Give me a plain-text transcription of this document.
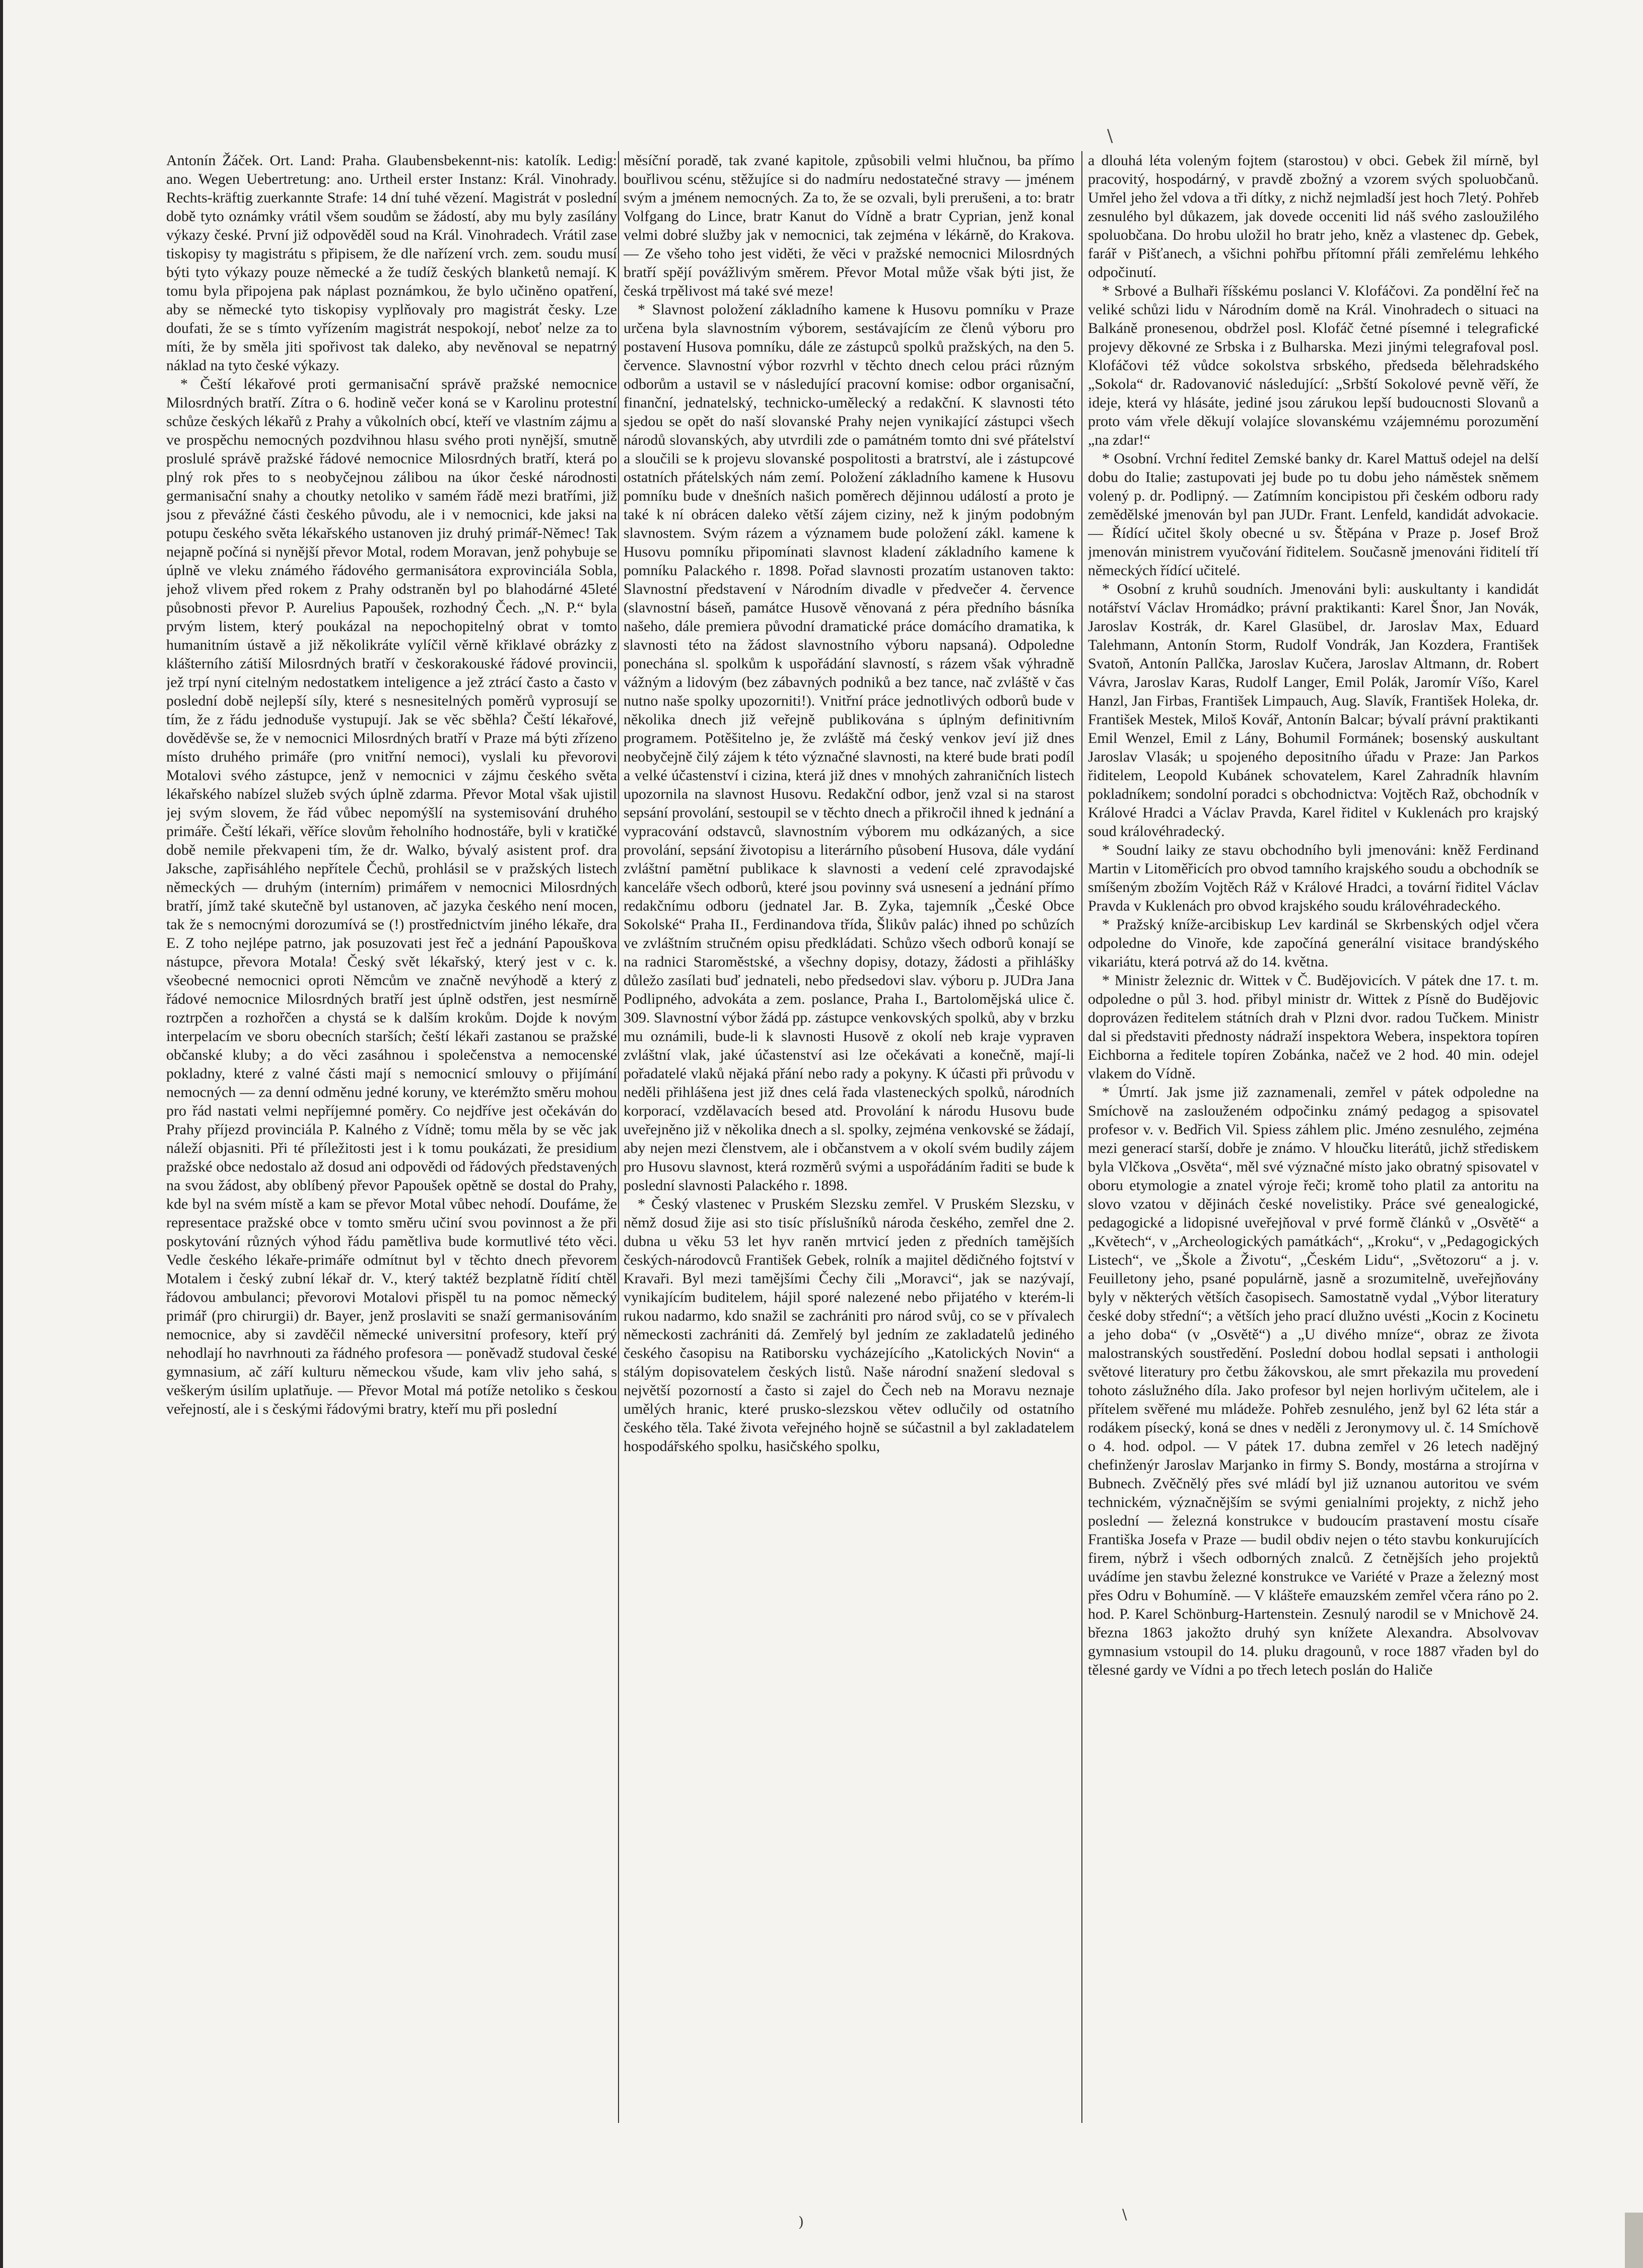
\

Antonín Žáček. Ort. Land: Praha. Glaubensbekennt-nis: katolík. Ledig: ano. Wegen Uebertretung: ano. Urtheil erster Instanz: Král. Vinohrady. Rechts-kräftig zuerkannte Strafe: 14 dní tuhé vězení. Magistrát v poslední době tyto oznámky vrátil všem soudům se žádostí, aby mu byly zasílány výkazy české. První již odpověděl soud na Král. Vinohradech. Vrátil zase tiskopisy ty magistrátu s připisem, že dle nařízení vrch. zem. soudu musí býti tyto výkazy pouze německé a že tudíž českých blanketů nemají. K tomu byla připojena pak náplast poznámkou, že bylo učiněno opatření, aby se německé tyto tiskopisy vyplňovaly pro magistrát česky. Lze doufati, že se s tímto vyřízením magistrát nespokojí, neboť nelze za to míti, že by směla jiti spořivost tak daleko, aby nevěnoval se nepatrný náklad na tyto české výkazy.

* Čeští lékařové proti germanisační správě pražské nemocnice Milosrdných bratří. Zítra o 6. hodině večer koná se v Karolinu protestní schůze českých lékařů z Prahy a vůkolních obcí, kteří ve vlastním zájmu a ve prospěchu nemocných pozdvihnou hlasu svého proti nynější, smutně proslulé správě pražské řádové nemocnice Milosrdných bratří, která po plný rok přes to s neobyčejnou zálibou na úkor české národnosti germanisační snahy a choutky netoliko v samém řádě mezi bratřími, již jsou z převážné části českého původu, ale i v nemocnici, kde jaksi na potupu českého světa lékařského ustanoven jiz druhý primář-Němec! Tak nejapně počíná si nynější převor Motal, rodem Moravan, jenž pohybuje se úplně ve vleku známého řádového germanisátora exprovinciála Sobla, jehož vlivem před rokem z Prahy odstraněn byl po blahodárné 45leté působnosti převor P. Aurelius Papoušek, rozhodný Čech. „N. P.“ byla prvým listem, který poukázal na nepochopitelný obrat v tomto humanitním ústavě a již několikráte vylíčil věrně křiklavé obrázky z klášterního zátiší Milosrdných bratří v českorakouské řádové provincii, jež trpí nyní citelným nedostatkem inteligence a jež ztrácí často a často v poslední době nejlepší síly, které s nesnesitelných poměrů vyprosují se tím, že z řádu jednoduše vystupují. Jak se věc sběhla? Čeští lékařové, dověděvše se, že v nemocnici Milosrdných bratří v Praze má býti zřízeno místo druhého primáře (pro vnitřní nemoci), vyslali ku převorovi Motalovi svého zástupce, jenž v nemocnici v zájmu českého světa lékařského nabízel služeb svých úplně zdarma. Převor Motal však ujistil jej svým slovem, že řád vůbec nepomýšlí na systemisování druhého primáře. Čeští lékaři, věříce slovům řeholního hodnostáře, byli v kratičké době nemile překvapeni tím, že dr. Walko, bývalý asistent prof. dra Jaksche, zapřisáhlého nepřítele Čechů, prohlásil se v pražských listech německých — druhým (interním) primářem v nemocnici Milosrdných bratří, jímž také skutečně byl ustanoven, ač jazyka českého není mocen, tak že s nemocnými dorozumívá se (!) prostřednictvím jiného lékaře, dra E. Z toho nejlépe patrno, jak posuzovati jest řeč a jednání Papouškova nástupce, převora Motala! Český svět lékařský, který jest v c. k. všeobecné nemocnici oproti Němcům ve značně nevýhodě a který z řádové nemocnice Milosrdných bratří jest úplně odstřen, jest nesmírně roztrpčen a rozhořčen a chystá se k dalším krokům. Dojde k novým interpelacím ve sboru obecních starších; čeští lékaři zastanou se pražské občanské kluby; a do věci zasáhnou i společenstva a nemocenské pokladny, které z valné části mají s nemocnicí smlouvy o přijímání nemocných — za denní odměnu jedné koruny, ve kterémžto směru mohou pro řád nastati velmi nepříjemné poměry. Co nejdříve jest očekáván do Prahy příjezd provinciála P. Kalného z Vídně; tomu měla by se věc jak náleží objasniti. Při té příležitosti jest i k tomu poukázati, že presidium pražské obce nedostalo až dosud ani odpovědi od řádových představených na svou žádost, aby oblíbený převor Papoušek opětně se dostal do Prahy, kde byl na svém místě a kam se převor Motal vůbec nehodí. Doufáme, že representace pražské obce v tomto směru učiní svou povinnost a že při poskytování různých výhod řádu pamětliva bude kormutlivé této věci. Vedle českého lékaře-primáře odmítnut byl v těchto dnech převorem Motalem i český zubní lékař dr. V., který taktéž bezplatně řídití chtěl řádovou ambulanci; převorovi Motalovi přispěl tu na pomoc německý primář (pro chirurgii) dr. Bayer, jenž proslaviti se snaží germanisováním nemocnice, aby si zavděčil německé universitní profesory, kteří prý nehodlají ho navrhnouti za řádného profesora — poněvadž studoval české gymnasium, ač září kulturu německou všude, kam vliv jeho sahá, s veškerým úsilím uplatňuje. — Převor Motal má potíže netoliko s českou veřejností, ale i s českými řádovými bratry, kteří mu při poslední

měsíční poradě, tak zvané kapitole, způsobili velmi hlučnou, ba přímo bouřlivou scénu, stěžujíce si do nadmíru nedostatečné stravy — jménem svým a jménem nemocných. Za to, že se ozvali, byli prerušeni, a to: bratr Volfgang do Lince, bratr Kanut do Vídně a bratr Cyprian, jenž konal velmi dobré služby jak v nemocnici, tak zejména v lékárně, do Krakova. — Ze všeho toho jest viděti, že věci v pražské nemocnici Milosrdných bratří spějí povážlivým směrem. Převor Motal může však býti jist, že česká trpělivost má také své meze!

* Slavnost položení základního kamene k Husovu pomníku v Praze určena byla slavnostním výborem, sestávajícím ze členů výboru pro postavení Husova pomníku, dále ze zástupců spolků pražských, na den 5. července. Slavnostní výbor rozvrhl v těchto dnech celou práci různým odborům a ustavil se v následující pracovní komise: odbor organisační, finanční, jednatelský, technicko-umělecký a redakční. K slavnosti této sjedou se opět do naší slovanské Prahy nejen vynikající zástupci všech národů slovanských, aby utvrdili zde o památném tomto dni své přátelství a sloučili se k projevu slovanské pospolitosti a bratrství, ale i zástupcové ostatních přátelských nám zemí. Položení základního kamene k Husovu pomníku bude v dnešních našich poměrech dějinnou událostí a proto je také k ní obrácen daleko větší zájem ciziny, než k jiným podobným slavnostem. Svým rázem a významem bude položení zákl. kamene k Husovu pomníku připomínati slavnost kladení základního kamene k pomníku Palackého r. 1898. Pořad slavnosti prozatím ustanoven takto: Slavnostní představení v Národním divadle v předvečer 4. července (slavnostní báseň, památce Husově věnovaná z péra předního básníka našeho, dále premiera původní dramatické práce domácího dramatika, k slavnosti této na žádost slavnostního výboru napsaná). Odpoledne ponechána sl. spolkům k uspořádání slavností, s rázem však výhradně vážným a lidovým (bez zábavných podniků a bez tance, nač zvláště v čas nutno naše spolky upozorniti!). Vnitřní práce jednotlivých odborů bude v několika dnech již veřejně publikována s úplným definitivním programem. Potěšitelno je, že zvláště má český venkov jeví již dnes neobyčejně čilý zájem k této význačné slavnosti, na které bude brati podíl a velké účastenství i cizina, která již dnes v mnohých zahraničních listech upozornila na slavnost Husovu. Redakční odbor, jenž vzal si na starost sepsání provolání, sestoupil se v těchto dnech a přikročil ihned k jednání a vypracování odstavců, slavnostním výborem mu odkázaných, a sice provolání, sepsání životopisu a literárního působení Husova, dále vydání zvláštní pamětní publikace k slavnosti a vedení celé zpravodajské kanceláře všech odborů, které jsou povinny svá usnesení a jednání přímo redakčnímu odboru (jednatel Jar. B. Zyka, tajemník „České Obce Sokolské“ Praha II., Ferdinandova třída, Šlikův palác) ihned po schůzích ve zvláštním stručném opisu předkládati. Schůzo všech odborů konají se na radnici Staroměstské, a všechny dopisy, dotazy, žádosti a přihlášky důležo zasílati buď jednateli, nebo předsedovi slav. výboru p. JUDra Jana Podlipného, advokáta a zem. poslance, Praha I., Bartolomějská ulice č. 309. Slavnostní výbor žádá pp. zástupce venkovských spolků, aby v brzku mu oznámili, bude-li k slavnosti Husově z okolí neb kraje vypraven zvláštní vlak, jaké účastenství asi lze očekávati a konečně, mají-li pořadatelé vlaků nějaká přání nebo rady a pokyny. K účasti při průvodu v neděli přihlášena jest již dnes celá řada vlasteneckých spolků, národních korporací, vzdělavacích besed atd. Provolání k národu Husovu bude uveřejněno již v několika dnech a sl. spolky, zejména venkovské se žádají, aby nejen mezi členstvem, ale i občanstvem a v okolí svém budily zájem pro Husovu slavnost, která rozměrů svými a uspořádáním řaditi se bude k poslední slavnosti Palackého r. 1898.

* Český vlastenec v Pruském Slezsku zemřel. V Pruském Slezsku, v němž dosud žije asi sto tisíc příslušníků národa českého, zemřel dne 2. dubna u věku 53 let hyv raněn mrtvicí jeden z předních tamějších českých-národovců František Gebek, rolník a majitel dědičného fojtství v Kravaři. Byl mezi tamějšími Čechy čili „Moravci“, jak se nazývají, vynikajícím buditelem, hájil sporé nalezené nebo přijatého v kterém-li rukou nadarmo, kdo snažil se zachrániti pro národ svůj, co se v přívalech německosti zachrániti dá. Zemřelý byl jedním ze zakladatelů jediného českého časopisu na Ratiborsku vycházejícího „Katolických Novin“ a stálým dopisovatelem českých listů. Naše národní snažení sledoval s největší pozorností a často si zajel do Čech neb na Moravu neznaje umělých hranic, které prusko-slezskou větev odlučily od ostatního českého těla. Také života veřejného hojně se súčastnil a byl zakladatelem hospodářského spolku, hasičského spolku,

a dlouhá léta voleným fojtem (starostou) v obci. Gebek žil mírně, byl pracovitý, hospodárný, v pravdě zbožný a vzorem svých spoluobčanů. Umřel jeho žel vdova a tři dítky, z nichž nejmladší jest hoch 7letý. Pohřeb zesnulého byl důkazem, jak dovede occeniti lid náš svého zasloužilého spoluobčana. Do hrobu uložil ho bratr jeho, kněz a vlastenec dp. Gebek, farář v Pišťanech, a všichni pohřbu přítomní přáli zemřelému lehkého odpočinutí.

* Srbové a Bulhaři říšskému poslanci V. Klofáčovi. Za pondělní řeč na veliké schůzi lidu v Národním domě na Král. Vinohradech o situaci na Balkáně pronesenou, obdržel posl. Klofáč četné písemné i telegrafické projevy děkovné ze Srbska i z Bulharska. Mezi jinými telegrafoval posl. Klofáčovi též vůdce sokolstva srbského, předseda bělehradského „Sokola“ dr. Radovanović následující: „Srbští Sokolové pevně věří, že ideje, která vy hlásáte, jediné jsou zárukou lepší budoucnosti Slovanů a proto vám vřele děkují volajíce slovanskému vzájemnému porozumění „na zdar!“

* Osobní. Vrchní ředitel Zemské banky dr. Karel Mattuš odejel na delší dobu do Italie; zastupovati jej bude po tu dobu jeho náměstek sněmem volený p. dr. Podlipný. — Zatímním koncipistou při českém odboru rady zemědělské jmenován byl pan JUDr. Frant. Lenfeld, kandidát advokacie. — Řídící učitel školy obecné u sv. Štěpána v Praze p. Josef Brož jmenován ministrem vyučování řiditelem. Současně jmenováni řiditelí tří německých řídící učitelé.

* Osobní z kruhů soudních. Jmenováni byli: auskultanty i kandidát notářství Václav Hromádko; právní praktikanti: Karel Šnor, Jan Novák, Jaroslav Kostrák, dr. Karel Glasübel, dr. Jaroslav Max, Eduard Talehmann, Antonín Storm, Rudolf Vondrák, Jan Kozdera, František Svatoň, Antonín Pallčka, Jaroslav Kučera, Jaroslav Altmann, dr. Robert Vávra, Jaroslav Karas, Rudolf Langer, Emil Polák, Jaromír Víšo, Karel Hanzl, Jan Firbas, František Limpauch, Aug. Slavík, František Holeka, dr. František Mestek, Miloš Kovář, Antonín Balcar; bývalí právní praktikanti Emil Wenzel, Emil z Lány, Bohumil Formánek; bosenský auskultant Jaroslav Vlasák; u spojeného depositního úřadu v Praze: Jan Parkos řiditelem, Leopold Kubánek schovatelem, Karel Zahradník hlavním pokladníkem; sondolní poradci s obchodnictva: Vojtěch Raž, obchodník v Králové Hradci a Václav Pravda, Karel řiditel v Kuklenách pro krajský soud královéhradecký.

* Soudní laiky ze stavu obchodního byli jmenováni: kněž Ferdinand Martin v Litoměřicích pro obvod tamního krajského soudu a obchodník se smíšeným zbožím Vojtěch Ráž v Králové Hradci, a tovární řiditel Václav Pravda v Kuklenách pro obvod krajského soudu královéhradeckého.

* Pražský kníže-arcibiskup Lev kardinál se Skrbenských odjel včera odpoledne do Vinoře, kde započíná generální visitace brandýského vikariátu, která potrvá až do 14. května.

* Ministr železnic dr. Wittek v Č. Budějovicích. V pátek dne 17. t. m. odpoledne o půl 3. hod. přibyl ministr dr. Wittek z Písně do Budějovic doprovázen ředitelem státních drah v Plzni dvor. radou Tučkem. Ministr dal si představiti přednosty nádraží inspektora Webera, inspektora topíren Eichborna a ředitele topíren Zobánka, načež ve 2 hod. 40 min. odejel vlakem do Vídně.

* Úmrtí. Jak jsme již zaznamenali, zemřel v pátek odpoledne na Smíchově na zaslouženém odpočinku známý pedagog a spisovatel profesor v. v. Bedřich Vil. Spiess záhlem plic. Jméno zesnulého, zejména mezi generací starší, dobře je známo. V hloučku literátů, jichž střediskem byla Vlčkova „Osvěta“, měl své význačné místo jako obratný spisovatel v oboru etymologie a znatel výroje řeči; kromě toho platil za antoritu na slovo vzatou v dějinách české novelistiky. Práce své genealogické, pedagogické a lidopisné uveřejňoval v prvé formě článků v „Osvětě“ a „Květech“, v „Archeologických památkách“, „Kroku“, v „Pedagogických Listech“, ve „Škole a Životu“, „Českém Lidu“, „Světozoru“ a j. v. Feuilletony jeho, psané populárně, jasně a srozumitelně, uveřejňovány byly v některých větších časopisech. Samostatně vydal „Výbor literatury české doby střední“; a větších jeho prací dlužno uvésti „Kocin z Kocinetu a jeho doba“ (v „Osvětě“) a „U divého mníze“, obraz ze života malostranských soustředění. Poslední dobou hodlal sepsati i anthologii světové literatury pro četbu žákovskou, ale smrt překazila mu provedení tohoto záslužného díla. Jako profesor byl nejen horlivým učitelem, ale i přítelem svěřené mu mládeže. Pohřeb zesnulého, jenž byl 62 léta stár a rodákem písecký, koná se dnes v neděli z Jeronymovy ul. č. 14 Smíchově o 4. hod. odpol. — V pátek 17. dubna zemřel v 26 letech nadějný chefinženýr Jaroslav Marjanko in firmy S. Bondy, mostárna a strojírna v Bubnech. Zvěčnělý přes své mládí byl již uznanou autoritou ve svém technickém, význačnějším se svými genialními projekty, z nichž jeho poslední — železná konstrukce v budoucím prastavení mostu císaře Františka Josefa v Praze — budil obdiv nejen o této stavbu konkurujících firem, nýbrž i všech odborných znalců. Z četnějších jeho projektů uvádíme jen stavbu železné konstrukce ve Variété v Praze a železný most přes Odru v Bohumíně. — V klášteře emauzském zemřel včera ráno po 2. hod. P. Karel Schönburg-Hartenstein. Zesnulý narodil se v Mnichově 24. března 1863 jakožto druhý syn knížete Alexandra. Absolvovav gymnasium vstoupil do 14. pluku dragounů, v roce 1887 vřaden byl do tělesné gardy ve Vídni a po třech letech poslán do Haliče

)	\
